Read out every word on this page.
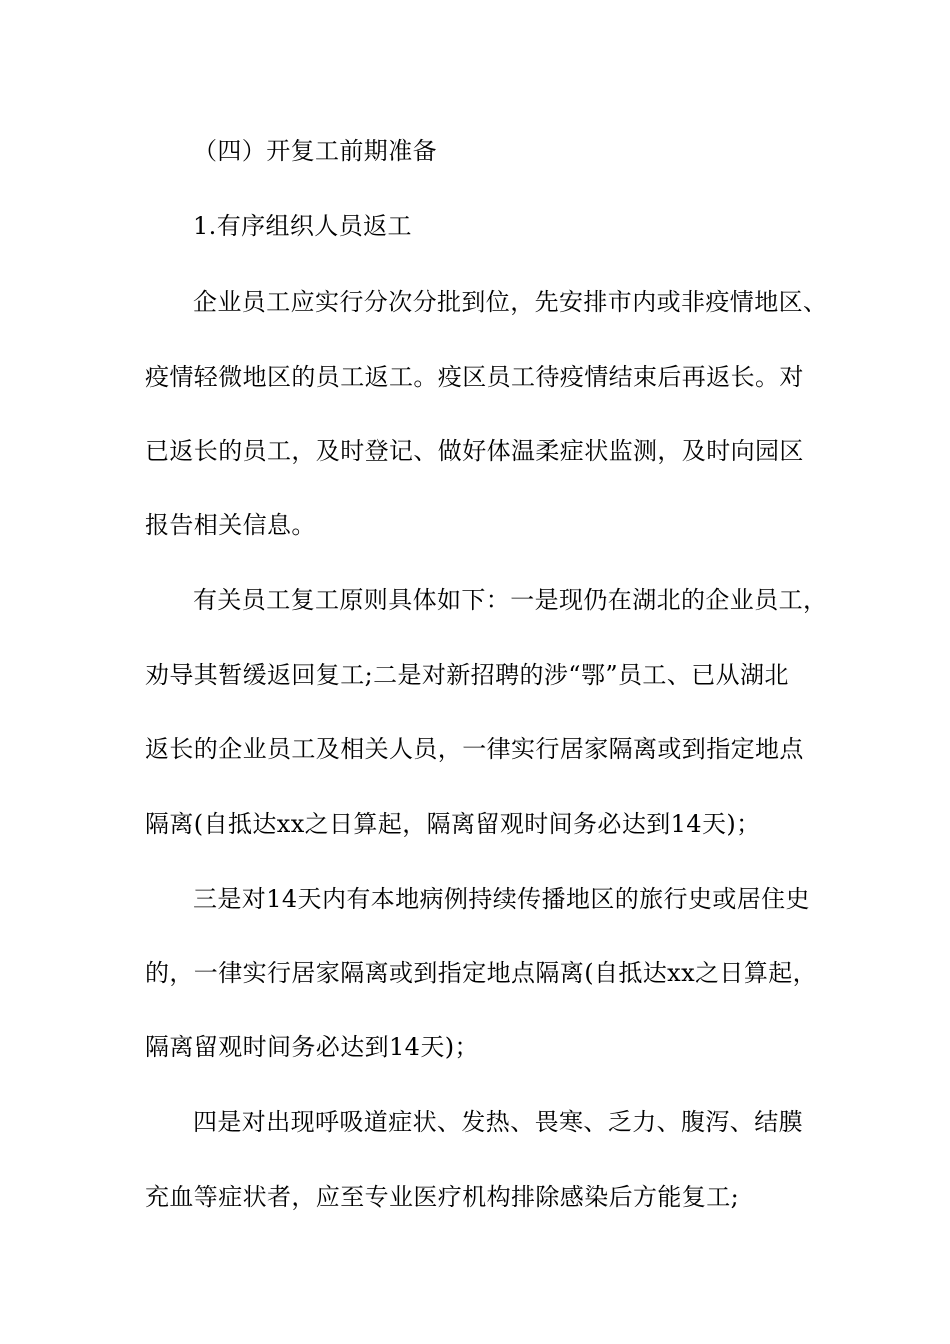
（四）开复工前期准备
1.有序组织人员返工
企业员工应实行分次分批到位，先安排市内或非疫情地区、
疫情轻微地区的员工返工。疫区员工待疫情结束后再返长。对
已返长的员工，及时登记、做好体温柔症状监测，及时向园区
报告相关信息。
有关员工复工原则具体如下：一是现仍在湖北的企业员工，
劝导其暂缓返回复工;二是对新招聘的涉“鄂”员工、已从湖北
返长的企业员工及相关人员，一律实行居家隔离或到指定地点
隔离(自抵达xx之日算起，隔离留观时间务必达到14天)；
三是对14天内有本地病例持续传播地区的旅行史或居住史
的，一律实行居家隔离或到指定地点隔离(自抵达xx之日算起，
隔离留观时间务必达到14天)；
四是对出现呼吸道症状、发热、畏寒、乏力、腹泻、结膜
充血等症状者，应至专业医疗机构排除感染后方能复工;
